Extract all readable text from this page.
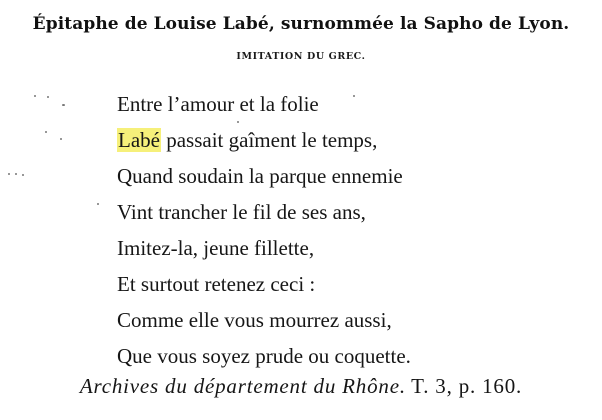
Épitaphe de Louise Labé, surnommée la Sapho de Lyon.
IMITATION DU GREC.
Entre l’amour et la folie
Labé passait gaîment le temps,
Quand soudain la parque ennemie
Vint trancher le fil de ses ans,
Imitez-la, jeune fillette,
Et surtout retenez ceci :
Comme elle vous mourrez aussi,
Que vous soyez prude ou coquette.
Archives du département du Rhône. T. 3, p. 160.
